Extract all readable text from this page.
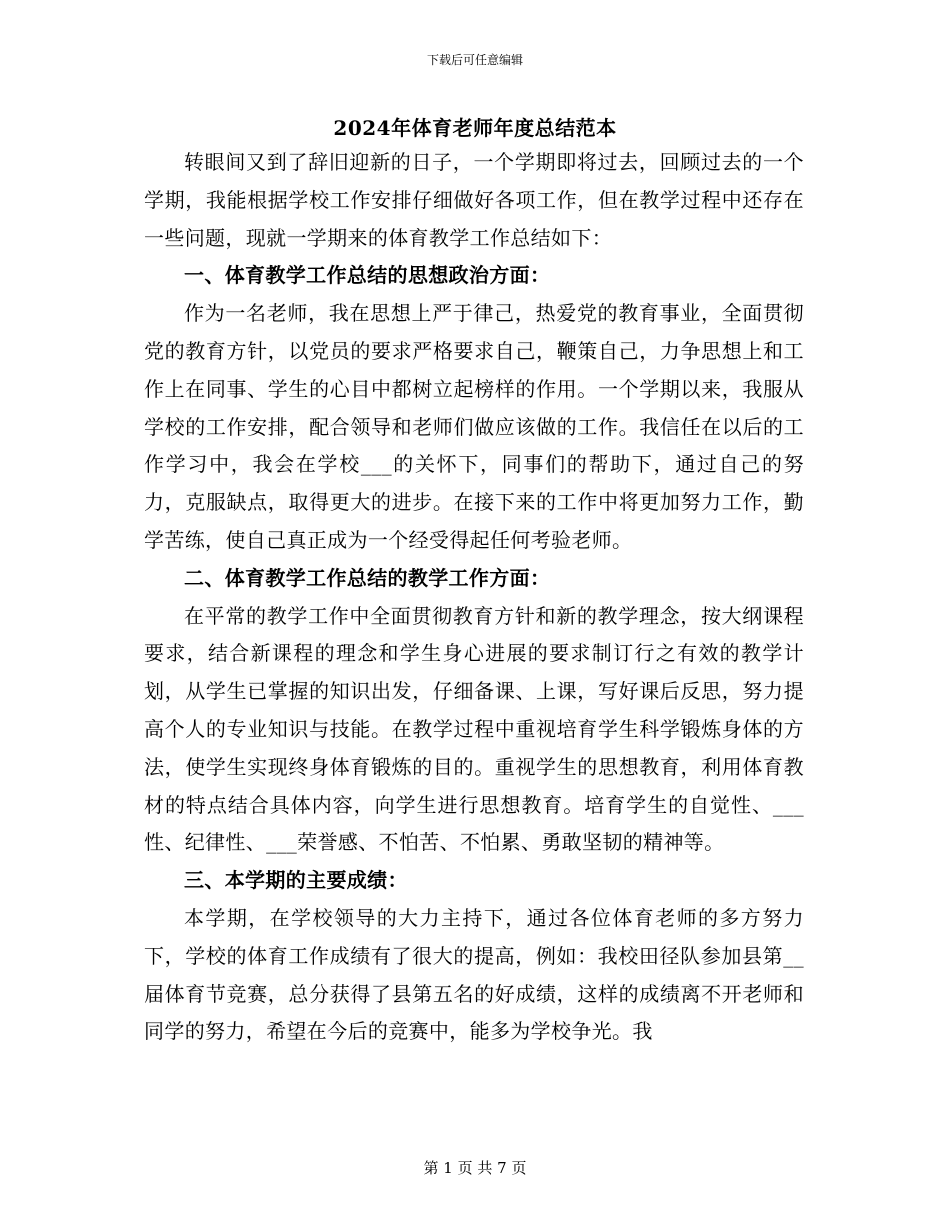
下载后可任意编辑
2024年体育老师年度总结范本

转眼间又到了辞旧迎新的日子，一个学期即将过去，回顾过去的一个学期，我能根据学校工作安排仔细做好各项工作，但在教学过程中还存在一些问题，现就一学期来的体育教学工作总结如下：

一、体育教学工作总结的思想政治方面：

作为一名老师，我在思想上严于律己，热爱党的教育事业，全面贯彻党的教育方针，以党员的要求严格要求自己，鞭策自己，力争思想上和工作上在同事、学生的心目中都树立起榜样的作用。一个学期以来，我服从学校的工作安排，配合领导和老师们做应该做的工作。我信任在以后的工作学习中，我会在学校___的关怀下，同事们的帮助下，通过自己的努力，克服缺点，取得更大的进步。在接下来的工作中将更加努力工作，勤学苦练，使自己真正成为一个经受得起任何考验老师。

二、体育教学工作总结的教学工作方面：

在平常的教学工作中全面贯彻教育方针和新的教学理念，按大纲课程要求，结合新课程的理念和学生身心进展的要求制订行之有效的教学计划，从学生已掌握的知识出发，仔细备课、上课，写好课后反思，努力提高个人的专业知识与技能。在教学过程中重视培育学生科学锻炼身体的方法，使学生实现终身体育锻炼的目的。重视学生的思想教育，利用体育教材的特点结合具体内容，向学生进行思想教育。培育学生的自觉性、___性、纪律性、___荣誉感、不怕苦、不怕累、勇敢坚韧的精神等。

三、本学期的主要成绩：

本学期，在学校领导的大力主持下，通过各位体育老师的多方努力下，学校的体育工作成绩有了很大的提高，例如：我校田径队参加县第__届体育节竞赛，总分获得了县第五名的好成绩，这样的成绩离不开老师和同学的努力，希望在今后的竞赛中，能多为学校争光。我

第 1 页 共 7 页
